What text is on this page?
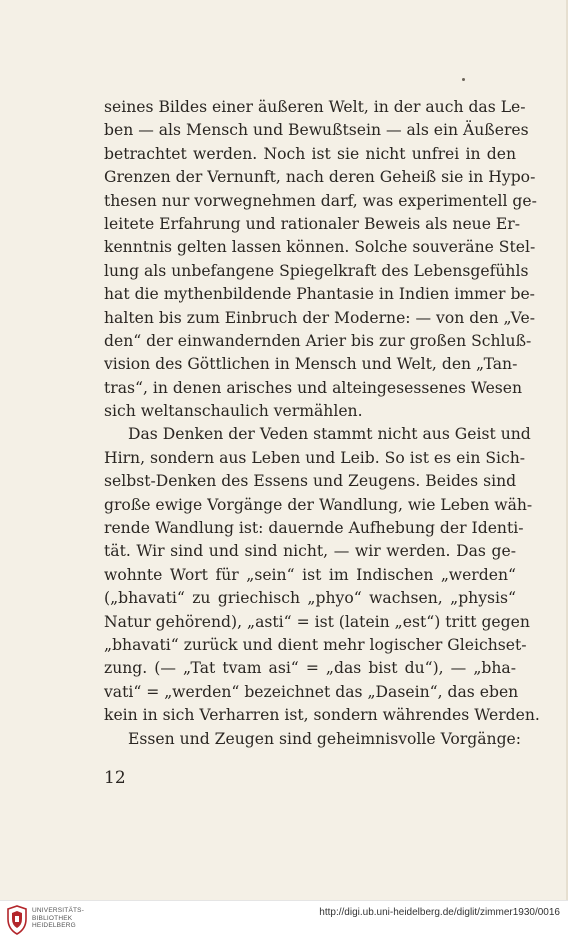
seines Bildes einer äußeren Welt, in der auch das Le-
ben — als Mensch und Bewußtsein — als ein Äußeres
betrachtet werden. Noch ist sie nicht unfrei in den
Grenzen der Vernunft, nach deren Geheiß sie in Hypo-
thesen nur vorwegnehmen darf, was experimentell ge-
leitete Erfahrung und rationaler Beweis als neue Er-
kenntnis gelten lassen können. Solche souveräne Stel-
lung als unbefangene Spiegelkraft des Lebensgefühls
hat die mythenbildende Phantasie in Indien immer be-
halten bis zum Einbruch der Moderne: — von den „Ve-
den“ der einwandernden Arier bis zur großen Schluß-
vision des Göttlichen in Mensch und Welt, den „Tan-
tras“, in denen arisches und alteingesessenes Wesen
sich weltanschaulich vermählen.
Das Denken der Veden stammt nicht aus Geist und
Hirn, sondern aus Leben und Leib. So ist es ein Sich-
selbst-Denken des Essens und Zeugens. Beides sind
große ewige Vorgänge der Wandlung, wie Leben wäh-
rende Wandlung ist: dauernde Aufhebung der Identi-
tät. Wir sind und sind nicht, — wir werden. Das ge-
wohnte Wort für „sein“ ist im Indischen „werden“
(„bhavati“ zu griechisch „phyo“ wachsen, „physis“
Natur gehörend), „asti“ = ist (latein „est“) tritt gegen
„bhavati“ zurück und dient mehr logischer Gleichset-
zung. (— „Tat tvam asi“ = „das bist du“), — „bha-
vati“ = „werden“ bezeichnet das „Dasein“, das eben
kein in sich Verharren ist, sondern währendes Werden.
Essen und Zeugen sind geheimnisvolle Vorgänge:
12
UNIVERSITÄTS-
BIBLIOTHEK
HEIDELBERG
http://digi.ub.uni-heidelberg.de/diglit/zimmer1930/0016
